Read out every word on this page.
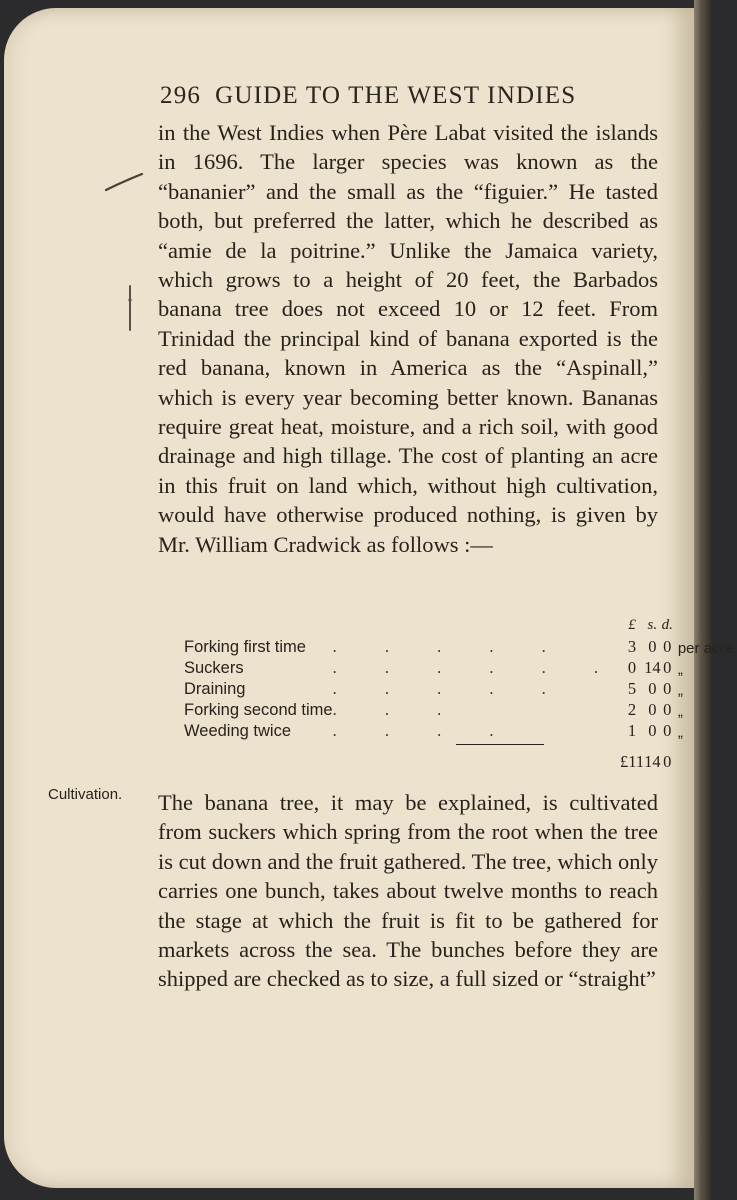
296 GUIDE TO THE WEST INDIES

in the West Indies when Père Labat visited the islands in 1696. The larger species was known as the “bananier” and the small as the “figuier.” He tasted both, but preferred the latter, which he described as “amie de la poitrine.” Unlike the Jamaica variety, which grows to a height of 20 feet, the Barbados banana tree does not exceed 10 or 12 feet. From Trinidad the principal kind of banana exported is the red banana, known in America as the “Aspinall,” which is every year becoming better known. Bananas require great heat, moisture, and a rich soil, with good drainage and high tillage. The cost of planting an acre in this fruit on land which, without high cultivation, would have otherwise produced nothing, is given by Mr. William Cradwick as follows :—

		£	s.	d.	
Forking first time	. . . . .	3	0	0	per acre.
Suckers	. . . . . .	0	14	0	„
Draining	. . . . .	5	0	0	„
Forking second time	. . .	2	0	0	„
Weeding twice	. . . .	1	0	0	„
		£11	14	0	
Cultivation. The banana tree, it may be explained, is cultivated from suckers which spring from the root when the tree is cut down and the fruit gathered. The tree, which only carries one bunch, takes about twelve months to reach the stage at which the fruit is fit to be gathered for markets across the sea. The bunches before they are shipped are checked as to size, a full sized or “straight”
